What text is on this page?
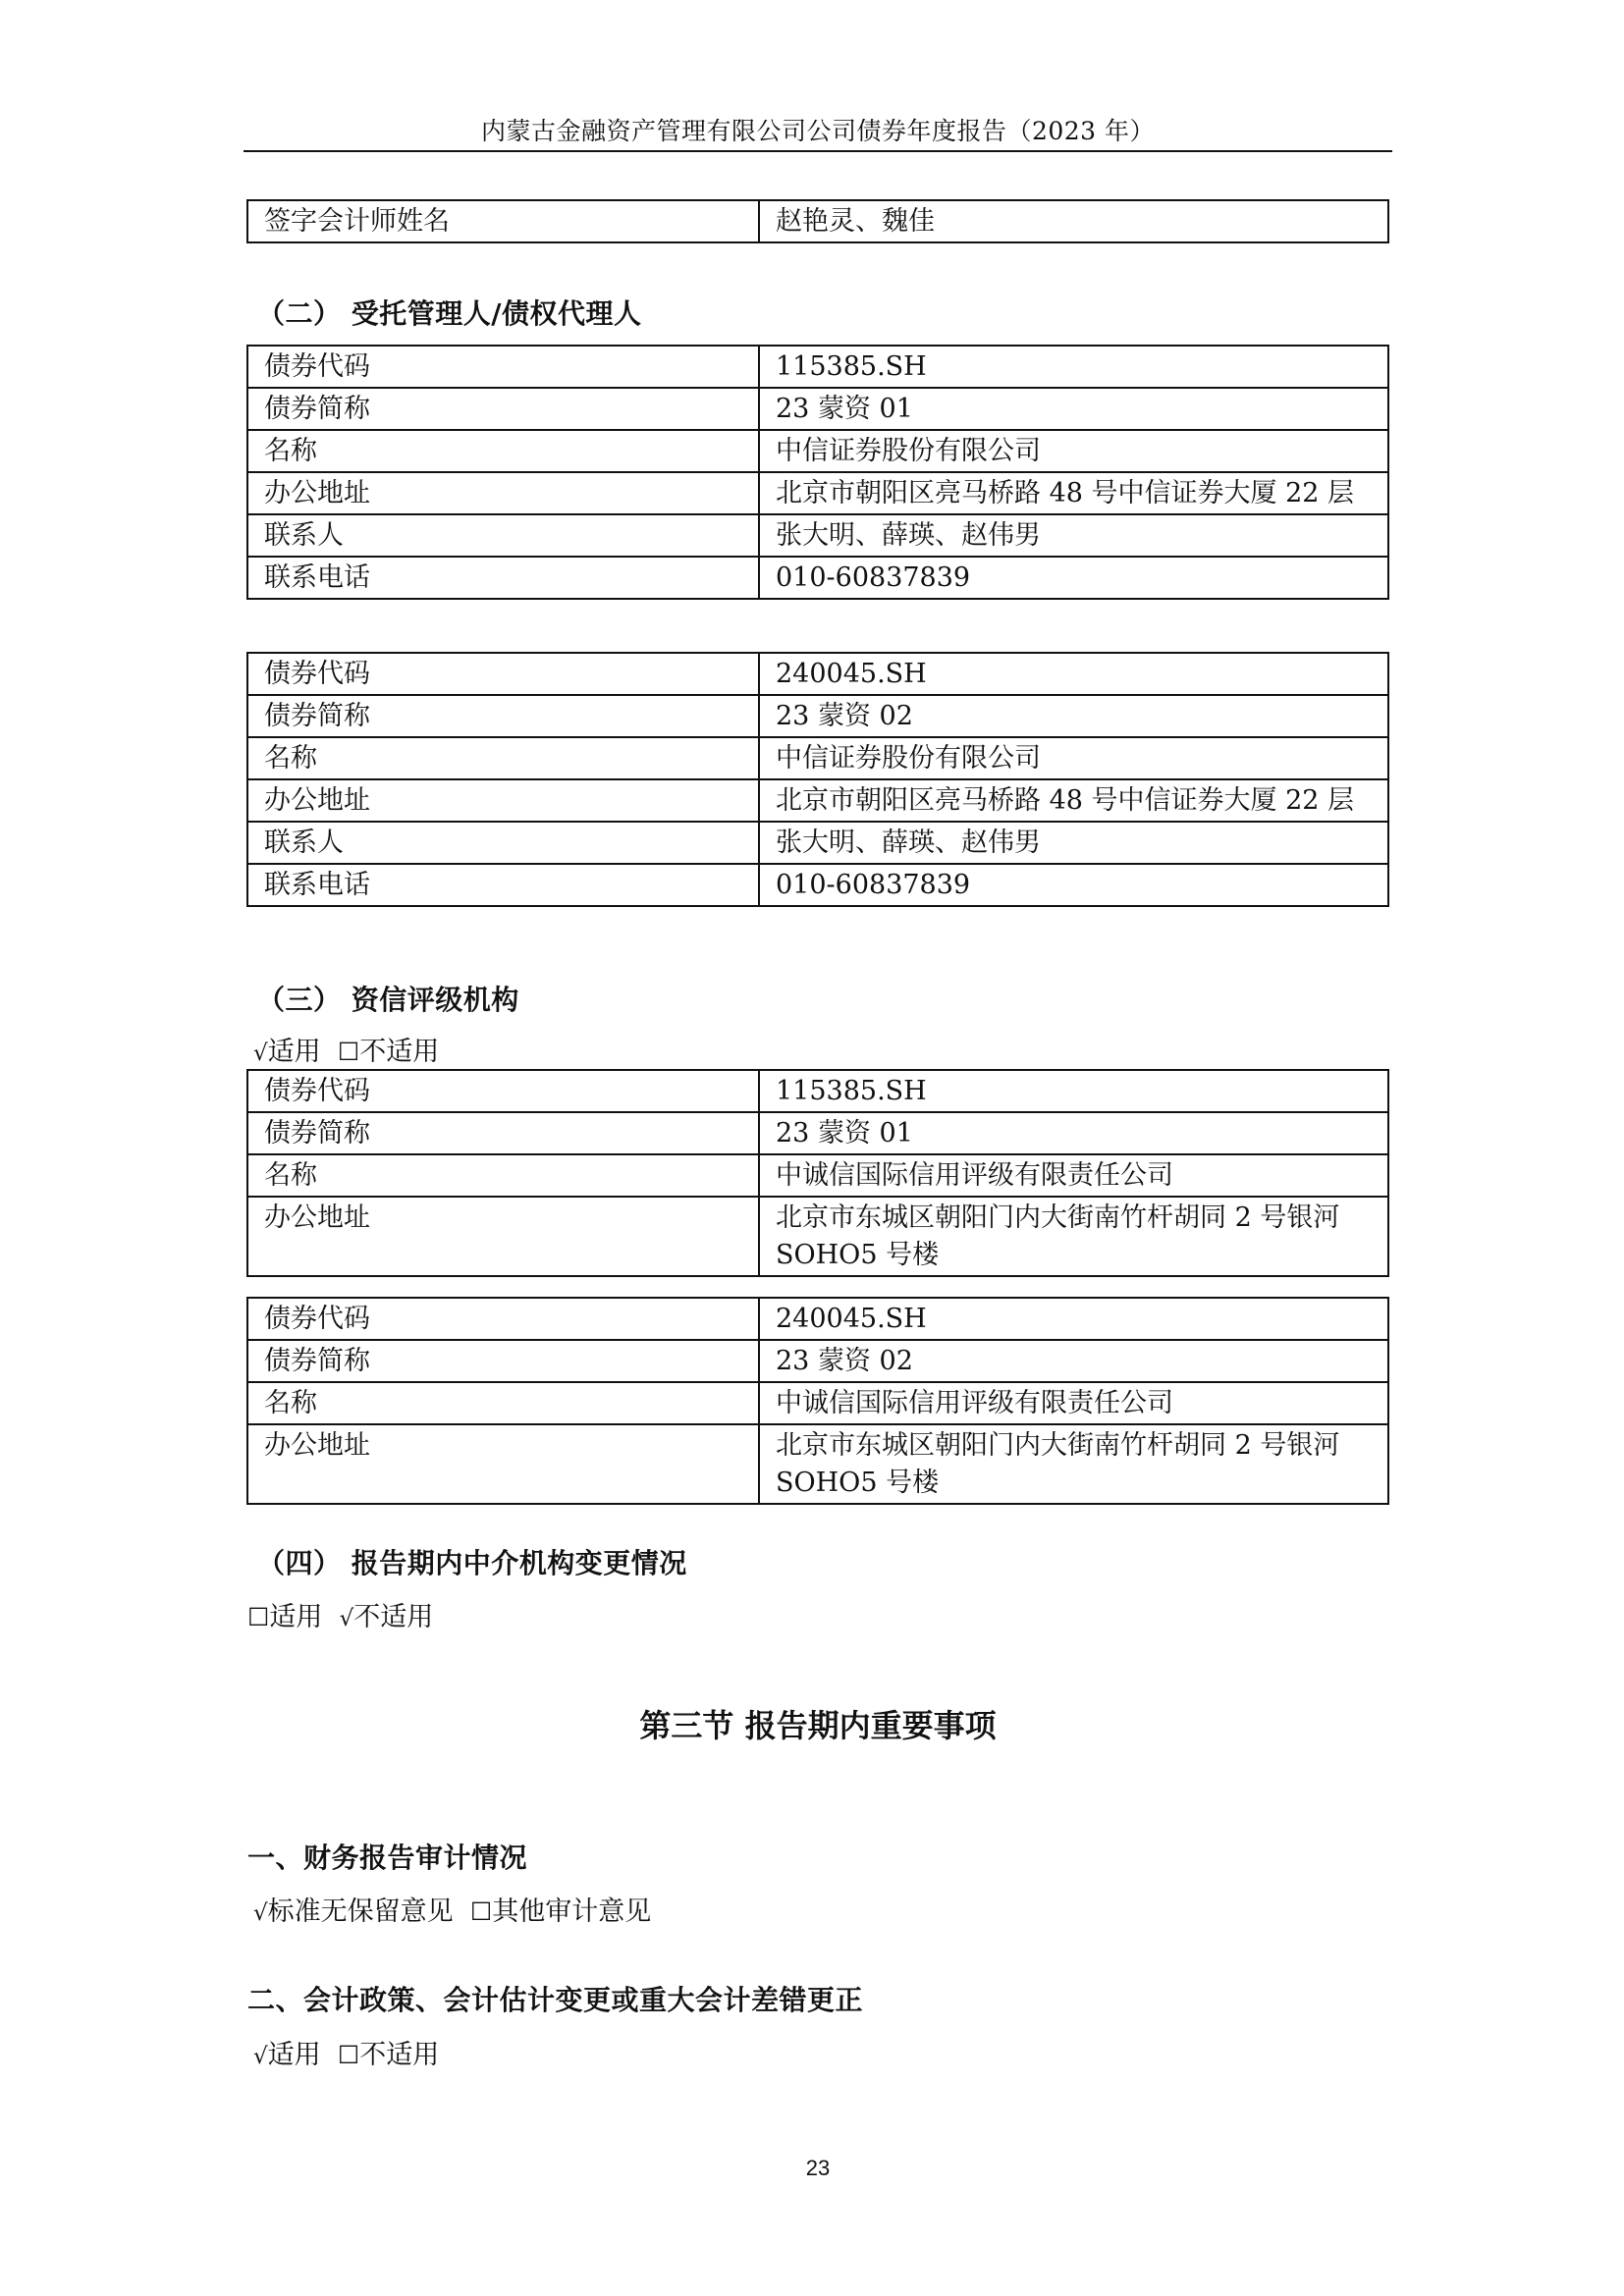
内蒙古金融资产管理有限公司公司债券年度报告（2023 年）
签字会计师姓名	赵艳灵、魏佳
（二） 受托管理人/债权代理人
债券代码	115385.SH
债券简称	23 蒙资 01
名称	中信证券股份有限公司
办公地址	北京市朝阳区亮马桥路 48 号中信证券大厦 22 层
联系人	张大明、薛瑛、赵伟男
联系电话	010-60837839
债券代码	240045.SH
债券简称	23 蒙资 02
名称	中信证券股份有限公司
办公地址	北京市朝阳区亮马桥路 48 号中信证券大厦 22 层
联系人	张大明、薛瑛、赵伟男
联系电话	010-60837839
（三） 资信评级机构
√适用 ☐不适用
债券代码	115385.SH
债券简称	23 蒙资 01
名称	中诚信国际信用评级有限责任公司
办公地址	北京市东城区朝阳门内大街南竹杆胡同 2 号银河 SOHO5 号楼
债券代码	240045.SH
债券简称	23 蒙资 02
名称	中诚信国际信用评级有限责任公司
办公地址	北京市东城区朝阳门内大街南竹杆胡同 2 号银河 SOHO5 号楼
（四） 报告期内中介机构变更情况
☐适用 √不适用
第三节 报告期内重要事项
一、财务报告审计情况
√标准无保留意见 ☐其他审计意见
二、会计政策、会计估计变更或重大会计差错更正
√适用 ☐不适用
23
